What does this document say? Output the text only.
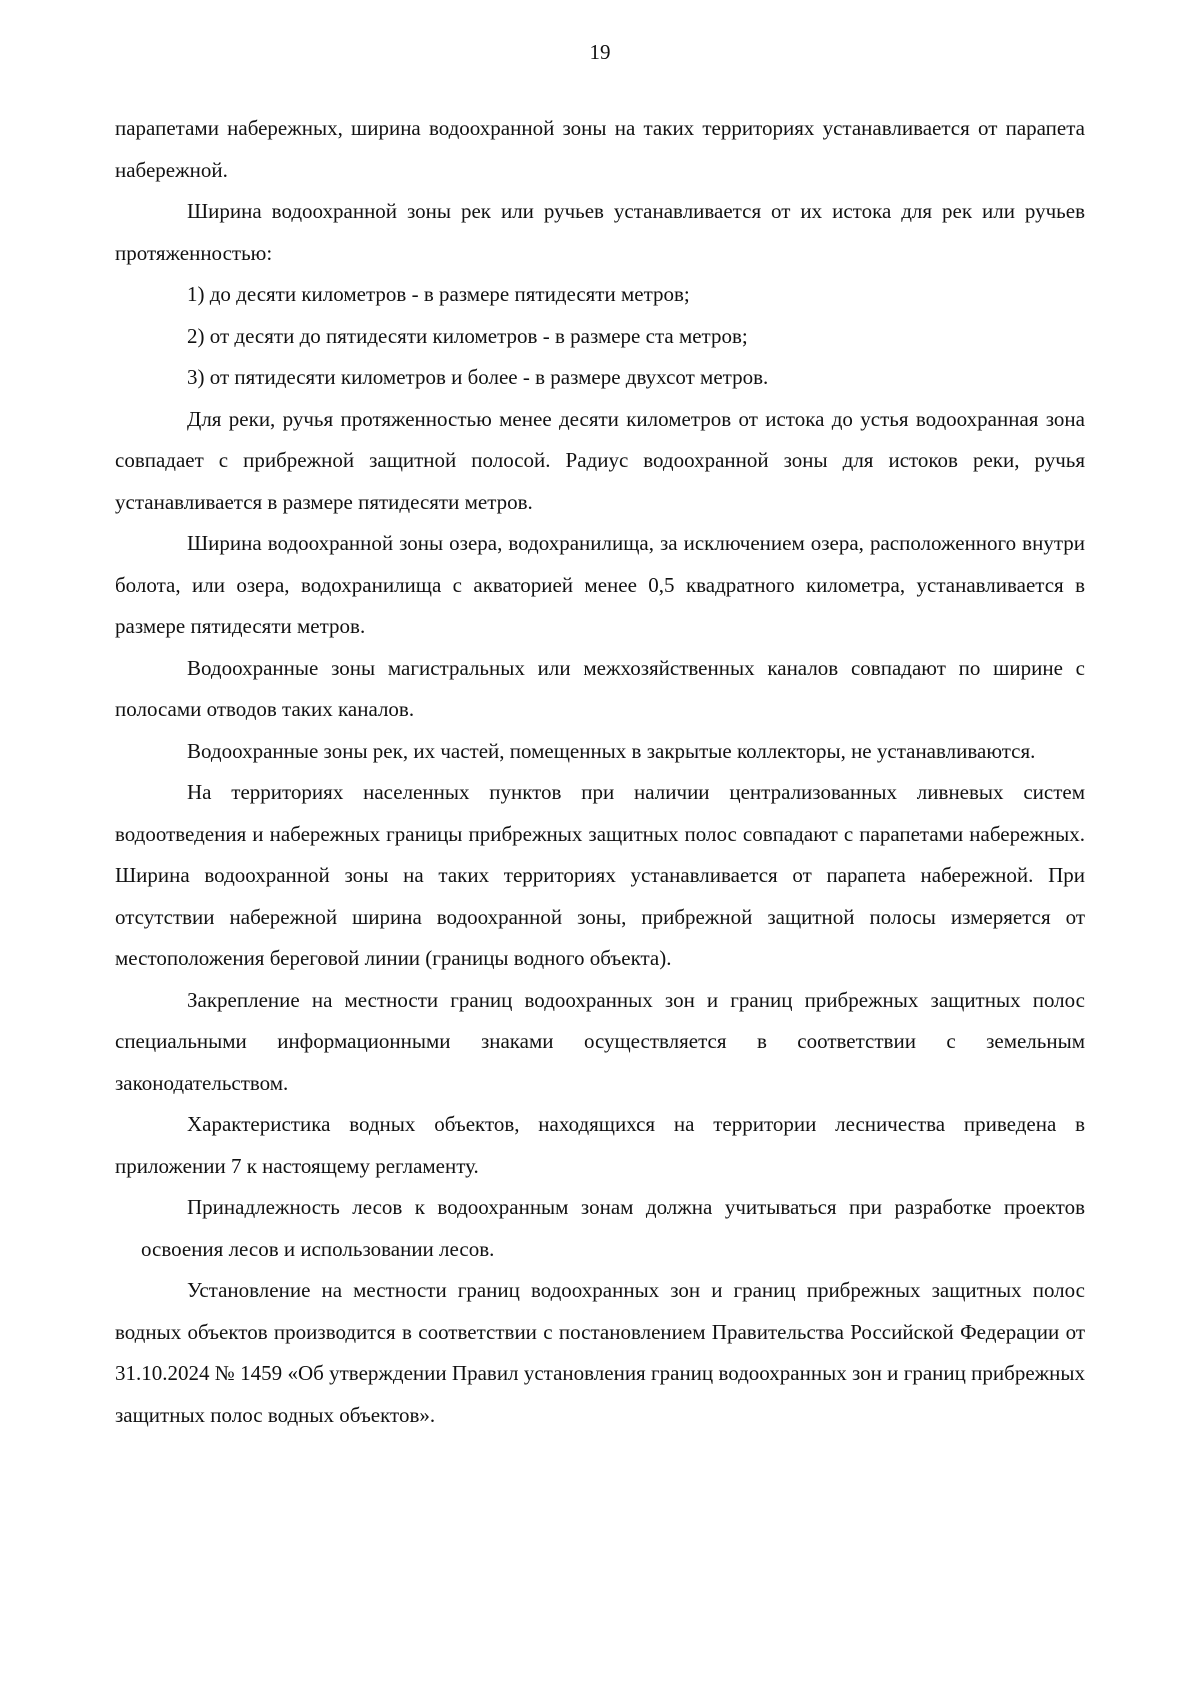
19

парапетами набережных, ширина водоохранной зоны на таких территориях устанавливается от парапета набережной.

Ширина водоохранной зоны рек или ручьев устанавливается от их истока для рек или ручьев протяженностью:

1) до десяти километров - в размере пятидесяти метров;

2) от десяти до пятидесяти километров - в размере ста метров;

3) от пятидесяти километров и более - в размере двухсот метров.

Для реки, ручья протяженностью менее десяти километров от истока до устья водоохранная зона совпадает с прибрежной защитной полосой. Радиус водоохранной зоны для истоков реки, ручья устанавливается в размере пятидесяти метров.

Ширина водоохранной зоны озера, водохранилища, за исключением озера, расположенного внутри болота, или озера, водохранилища с акваторией менее 0,5 квадратного километра, устанавливается в размере пятидесяти метров.

Водоохранные зоны магистральных или межхозяйственных каналов совпадают по ширине с полосами отводов таких каналов.

Водоохранные зоны рек, их частей, помещенных в закрытые коллекторы, не устанавливаются.

На территориях населенных пунктов при наличии централизованных ливневых систем водоотведения и набережных границы прибрежных защитных полос совпадают с парапетами набережных. Ширина водоохранной зоны на таких территориях устанавливается от парапета набережной. При отсутствии набережной ширина водоохранной зоны, прибрежной защитной полосы измеряется от местоположения береговой линии (границы водного объекта).

Закрепление на местности границ водоохранных зон и границ прибрежных защитных полос специальными информационными знаками осуществляется в соответствии с земельным законодательством.

Характеристика водных объектов, находящихся на территории лесничества приведена в приложении 7 к настоящему регламенту.

Принадлежность лесов к водоохранным зонам должна учитываться при разработке проектов освоения лесов и использовании лесов.

Установление на местности границ водоохранных зон и границ прибрежных защитных полос водных объектов производится в соответствии с постановлением Правительства Российской Федерации от 31.10.2024 № 1459 «Об утверждении Правил установления границ водоохранных зон и границ прибрежных защитных полос водных объектов».
